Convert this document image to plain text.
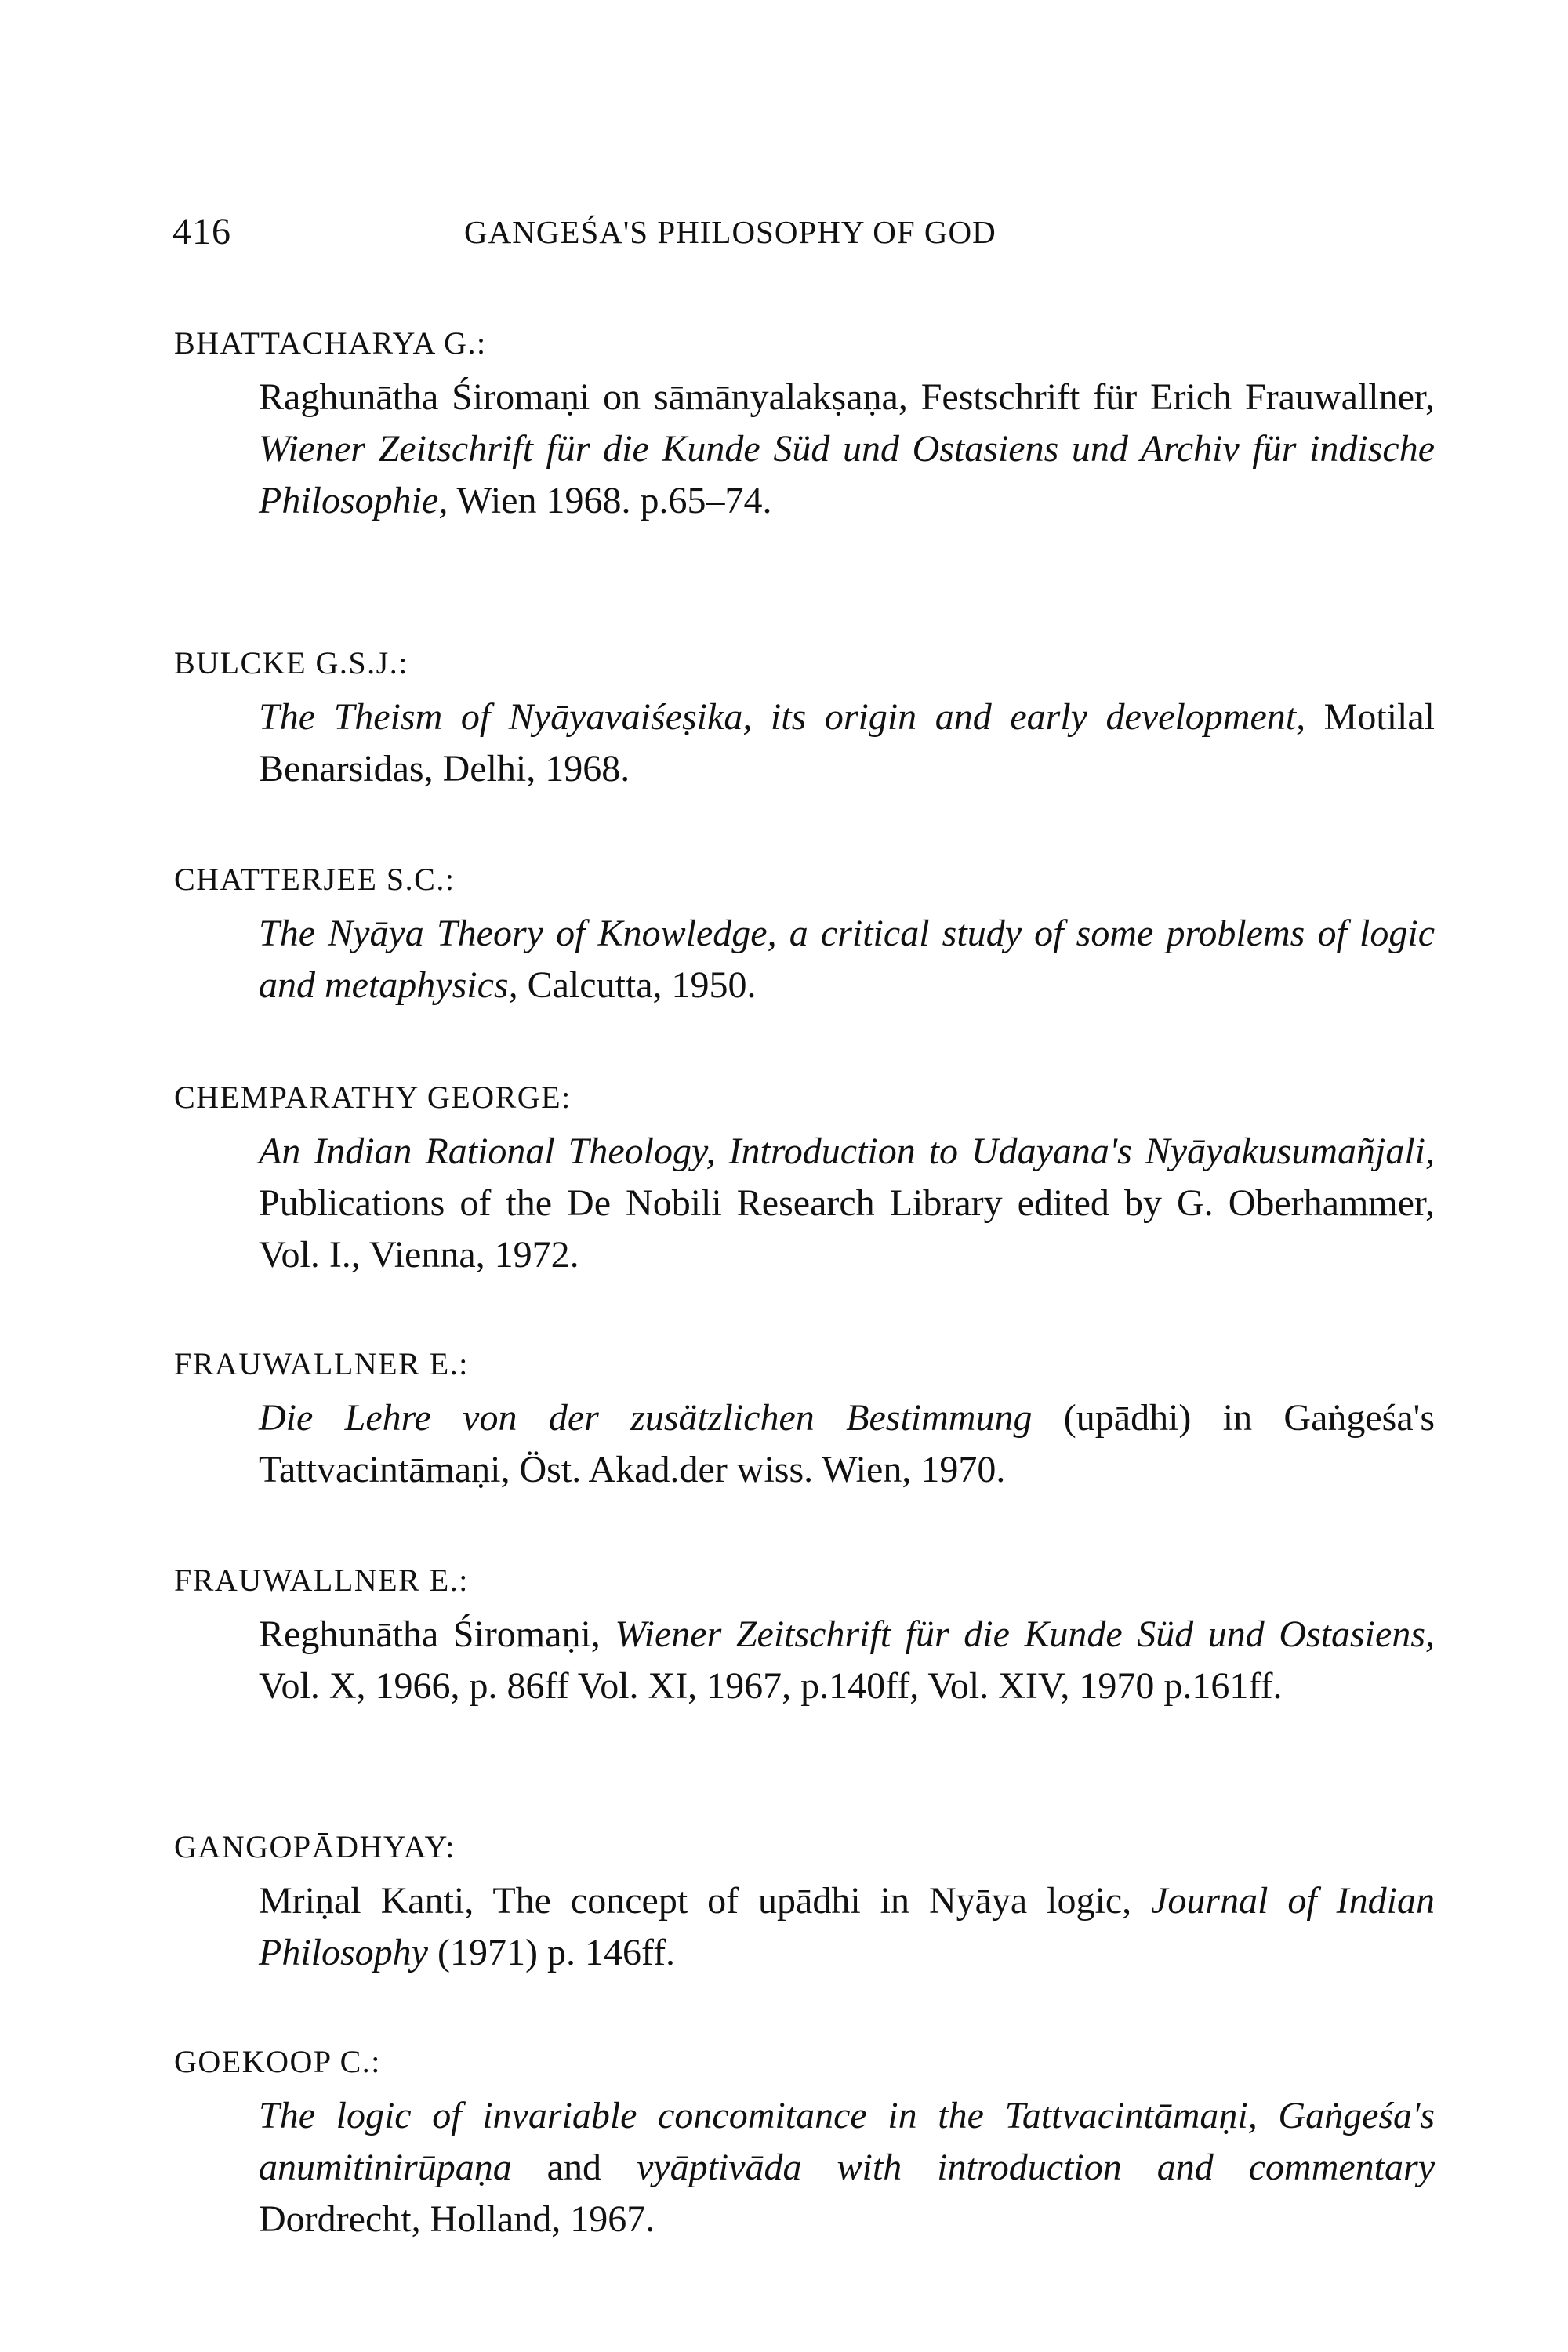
416	GANGEŚA'S PHILOSOPHY OF GOD
BHATTACHARYA G.:
Raghunātha Śiromaṇi on sāmānyalakṣaṇa, Festschrift für Erich Frauwallner, Wiener Zeitschrift für die Kunde Süd und Ostasiens und Archiv für indische Philosophie, Wien 1968. p.65–74.
BULCKE G.S.J.:
The Theism of Nyāyavaiśeṣika, its origin and early development, Motilal Benarsidas, Delhi, 1968.
CHATTERJEE S.C.:
The Nyāya Theory of Knowledge, a critical study of some problems of logic and metaphysics, Calcutta, 1950.
CHEMPARATHY GEORGE:
An Indian Rational Theology, Introduction to Udayana's Nyāyakusumañjali, Publications of the De Nobili Research Library edited by G. Oberhammer, Vol. I., Vienna, 1972.
FRAUWALLNER E.:
Die Lehre von der zusätzlichen Bestimmung (upādhi) in Gaṅgeśa's Tattvacintāmaṇi, Öst. Akad.der wiss. Wien, 1970.
FRAUWALLNER E.:
Reghunātha Śiromaṇi, Wiener Zeitschrift für die Kunde Süd und Ostasiens, Vol. X, 1966, p. 86ff Vol. XI, 1967, p.140ff, Vol. XIV, 1970 p.161ff.
GANGOPĀDHYAY:
Mriṇal Kanti, The concept of upādhi in Nyāya logic, Journal of Indian Philosophy (1971) p. 146ff.
GOEKOOP C.:
The logic of invariable concomitance in the Tattvacintāmaṇi, Gaṅgeśa's anumitinirūpaṇa and vyāptivāda with introduction and commentary Dordrecht, Holland, 1967.
